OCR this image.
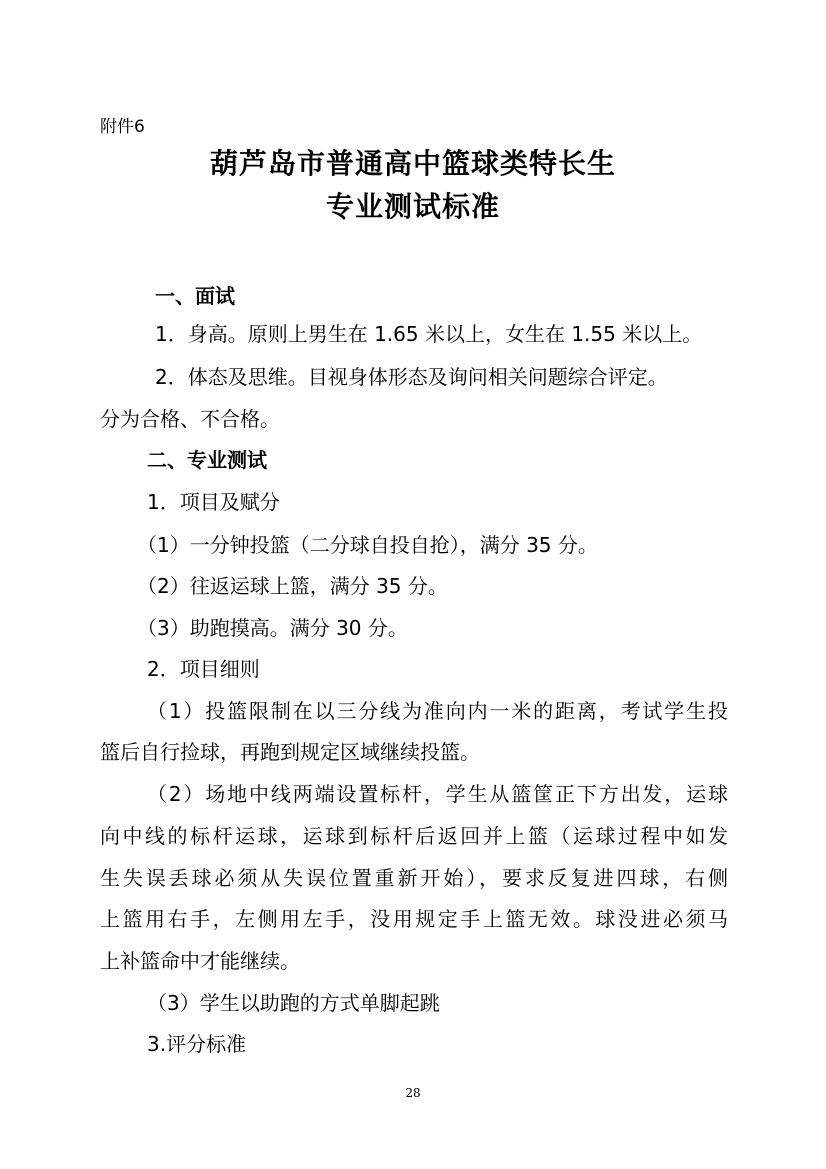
附件6
葫芦岛市普通高中篮球类特长生
专业测试标准
一、面试
1．身高。原则上男生在 1.65 米以上，女生在 1.55 米以上。
2．体态及思维。目视身体形态及询问相关问题综合评定。
分为合格、不合格。
二、专业测试
1．项目及赋分
（1）一分钟投篮（二分球自投自抢），满分 35 分。
（2）往返运球上篮，满分 35 分。
（3）助跑摸高。满分 30 分。
2．项目细则
（1）投篮限制在以三分线为准向内一米的距离，考试学生投
篮后自行捡球，再跑到规定区域继续投篮。
（2）场地中线两端设置标杆，学生从篮筐正下方出发，运球
向中线的标杆运球，运球到标杆后返回并上篮（运球过程中如发
生失误丢球必须从失误位置重新开始），要求反复进四球，右侧
上篮用右手，左侧用左手，没用规定手上篮无效。球没进必须马
上补篮命中才能继续。
（3）学生以助跑的方式单脚起跳
3.评分标准
28
